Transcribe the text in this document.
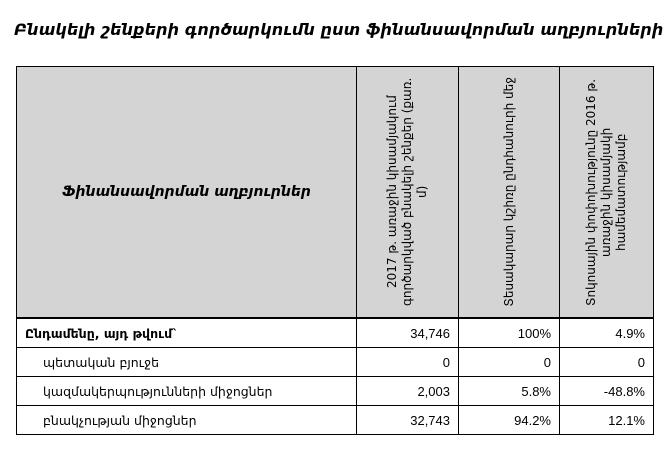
Բնակելի շենքերի գործարկումն ըստ ֆինանսավորման աղբյուրների
Ֆինանսավորման աղբյուրներ	2017 թ. առաջին կիսամյակում գործարկված բնակելի շենքեր (քառ. մ)	Տեսակարար կշիռը ընդհանուրի մեջ	Տոկոսային փոփոխությունը 2016 թ. առաջին կիսամյակի համեմատությամբ

Ընդամենը, այդ թվում`	34,746	100%	4.9%
պետական բյուջե	0	0	0
կազմակերպությունների միջոցներ	2,003	5.8%	-48.8%
բնակչության միջոցներ	32,743	94.2%	12.1%
